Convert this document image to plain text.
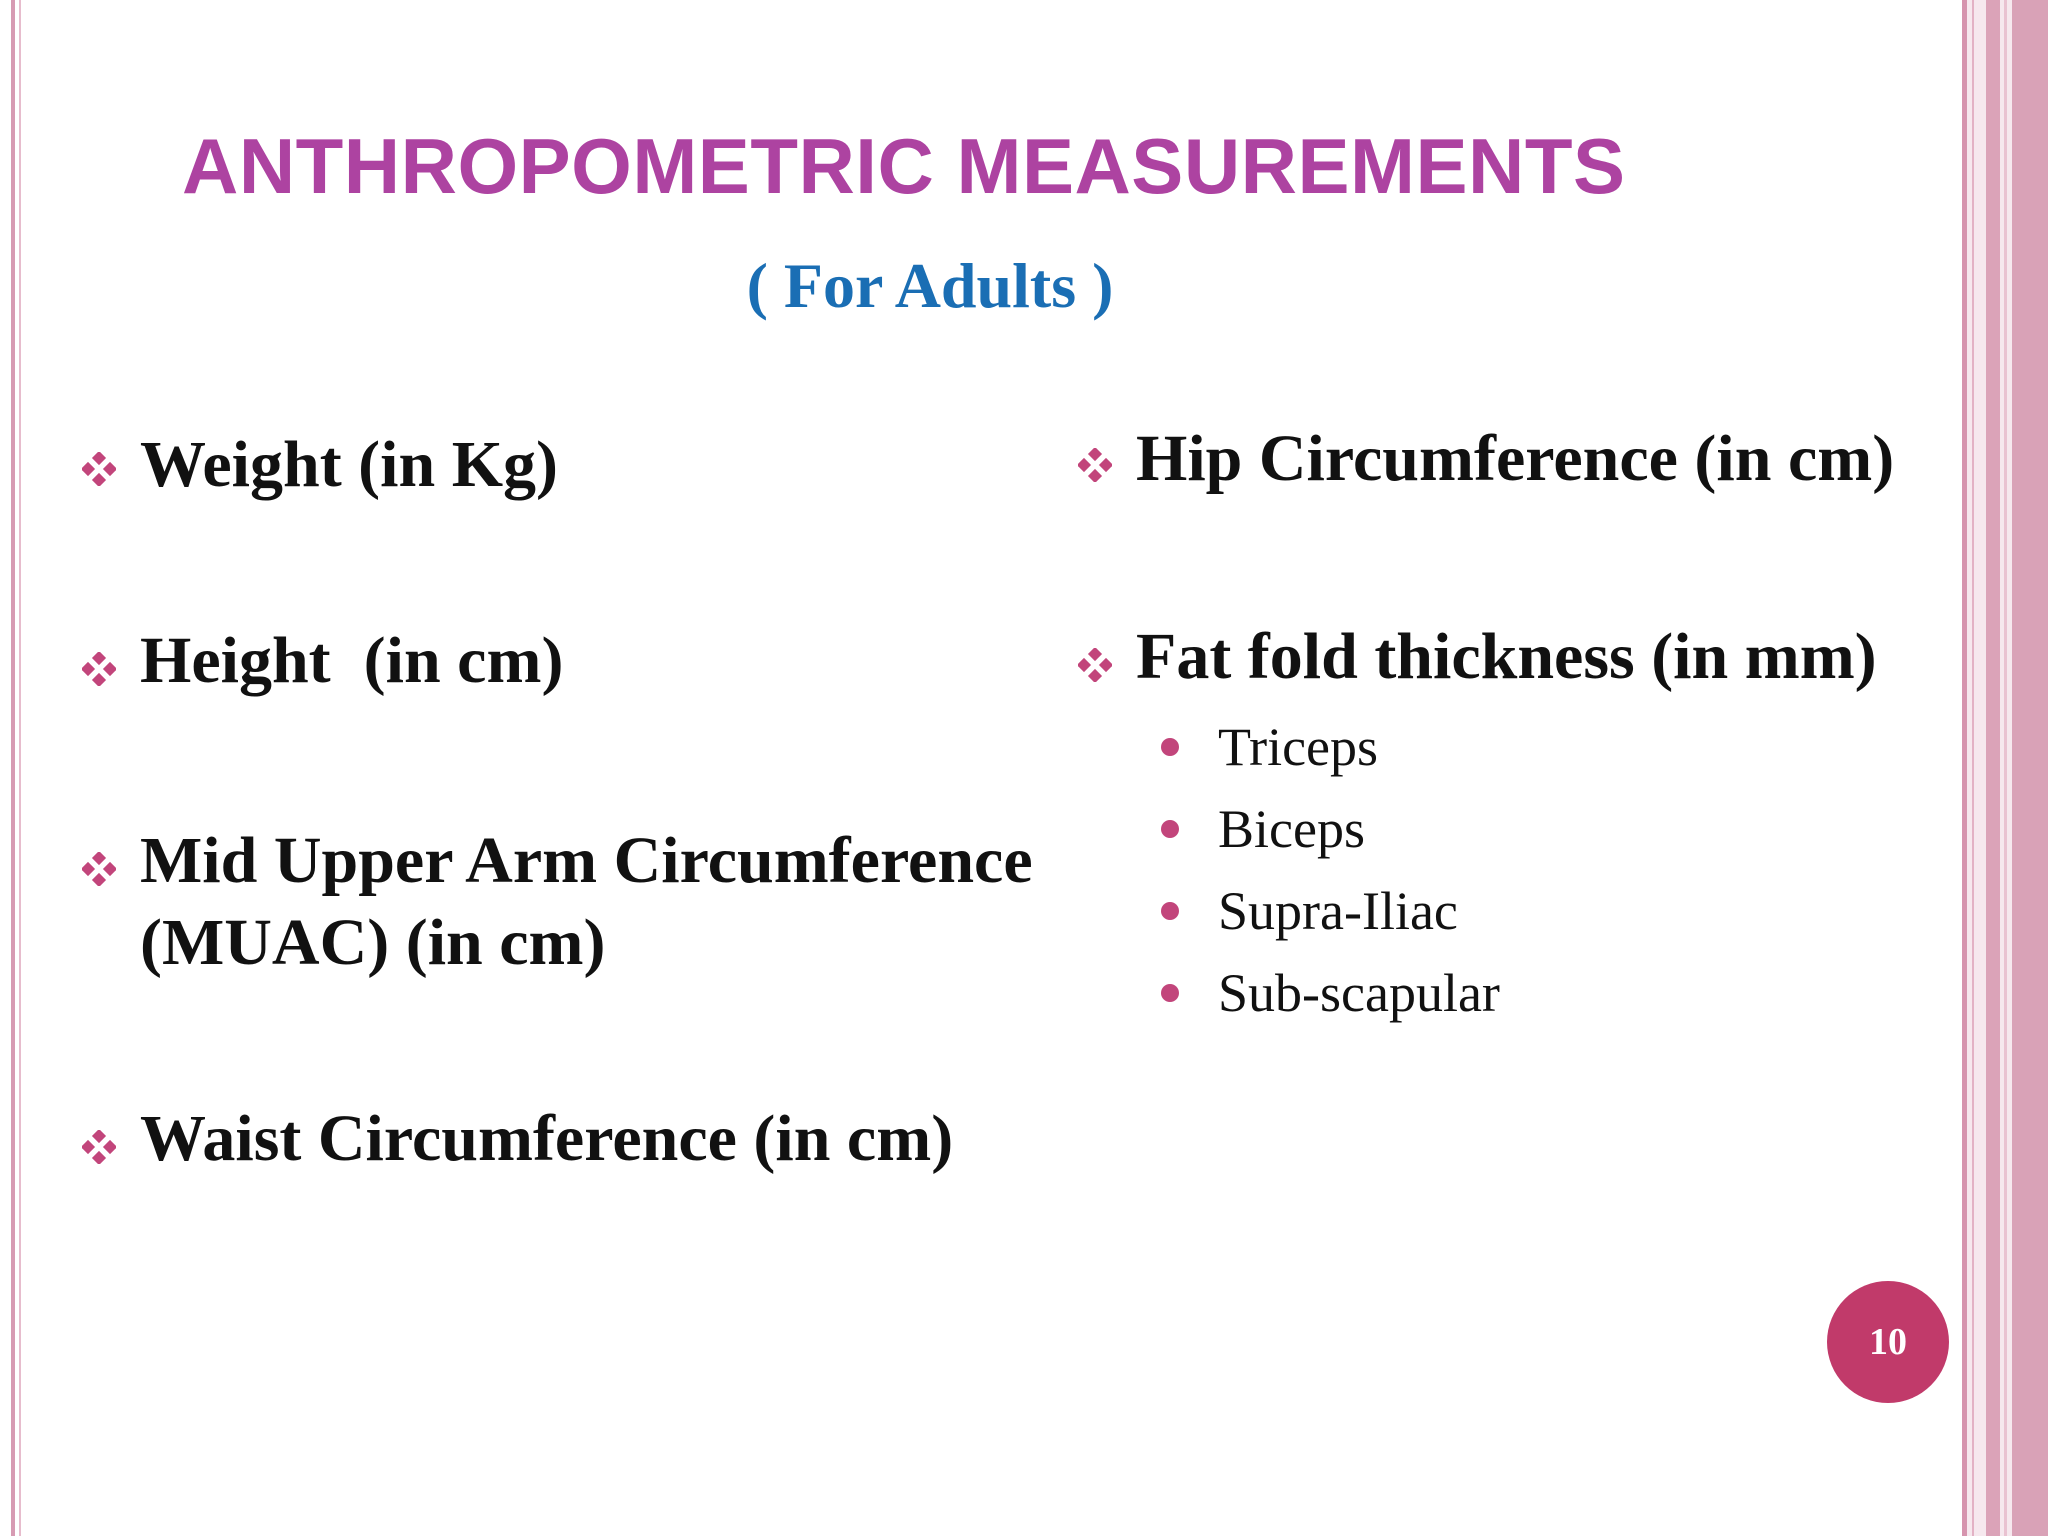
ANTHROPOMETRIC MEASUREMENTS
( For Adults )
Weight (in Kg)
Height  (in cm)
Mid Upper Arm Circumference
(MUAC) (in cm)
Waist Circumference (in cm)
Hip Circumference (in cm)
Fat fold thickness (in mm)
Triceps
Biceps
Supra-Iliac
Sub-scapular
10
